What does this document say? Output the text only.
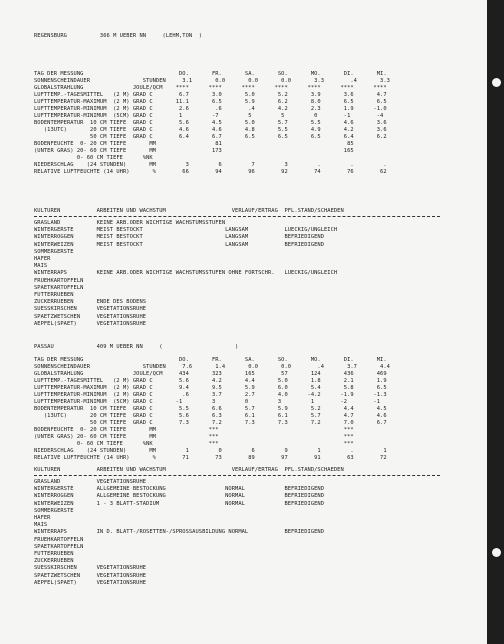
REGENSBURG          366 M UEBER NN     (LEHM,TON  )
TAG DER MESSUNG                             DO.       FR.       SA.       SO.       MO.       DI.       MI.
SONNENSCHEINDAUER                STUNDEN     3.1       0.0       0.0       0.0       3.3        .4       3.3
GLOBALSTRAHLUNG               JOULE/QCM    ****      ****      ****      ****      ****      ****      ****
LUFTTEMP.-TAGESMITTEL   (2 M) GRAD C        6.7       3.0       5.0       5.2       3.9       3.6       4.7
LUFTTEMPERATUR-MAXIMUM  (2 M) GRAD C       11.1       6.5       5.9       6.2       8.0       6.5       6.5
LUFTTEMPERATUR-MINIMUM  (2 M) GRAD C        2.6        .6        .4       4.2       2.3       1.9      -1.0
LUFTTEMPERATUR-MINIMUM  (5CM) GRAD C        1         -7         5         5         0        -1        -4
BODENTEMPERATUR  10 CM TIEFE  GRAD C        5.6       4.5       5.0       5.7       5.5       4.6       3.6
(13UTC)       20 CM TIEFE  GRAD C        4.6       4.6       4.8       5.5       4.9       4.2       3.6
50 CM TIEFE  GRAD C        6.4       6.7       6.5       6.5       6.5       6.4       6.2
BODENFEUCHTE  0- 20 CM TIEFE       MM                  81                                      85
(UNTER GRAS) 20- 60 CM TIEFE       MM                 173                                     165
0- 60 CM TIEFE      %NK
NIEDERSCHLAG    (24 STUNDEN)       MM         3         6         7         3         .         .         .
RELATIVE LUFTFEUCHTE (14 UHR)       %        66        94        96        92        74        76        62
KULTUREN           ARBEITEN UND WACHSTUM                    VERLAUF/ERTRAG  PFL.STAND/SCHAEDEN
GRASLAND           KEINE ARB.ODER WICHTIGE WACHSTUMSSTUFEN
WINTERGERSTE       MEIST BESTOCKT                         LANGSAM           LUECKIG/UNGLEICH
WINTERROGGEN       MEIST BESTOCKT                         LANGSAM           BEFRIEDIGEND
WINTERWEIZEN       MEIST BESTOCKT                         LANGSAM           BEFRIEDIGEND
SOMMERGERSTE
HAFER
MAIS
WINTERRAPS         KEINE ARB.ODER WICHTIGE WACHSTUMSSTUFEN OHNE FORTSCHR.   LUECKIG/UNGLEICH
FRUEHKARTOFFELN
SPAETKARTOFFELN
FUTTERRUEBEN
ZUCKERRUEBEN       ENDE DES BODENS
SUESSKIRSCHEN      VEGETATIONSRUHE
SPAETZWETSCHEN     VEGETATIONSRUHE
AEPFEL(SPAET)      VEGETATIONSRUHE
PASSAU             409 M UEBER NN     (                      )
TAG DER MESSUNG                             DO.       FR.       SA.       SO.       MO.       DI.       MI.
SONNENSCHEINDAUER                STUNDEN     7.6       1.4       0.0       0.0        .4       3.7       4.4
GLOBALSTRAHLUNG               JOULE/QCM     434       323       165        57       124       436       469
LUFTTEMP.-TAGESMITTEL   (2 M) GRAD C        5.6       4.2       4.4       5.0       1.8       2.1       1.9
LUFTTEMPERATUR-MAXIMUM  (2 M) GRAD C        9.4       9.5       5.9       6.0       5.4       5.8       6.5
LUFTTEMPERATUR-MINIMUM  (2 M) GRAD C         .6       3.7       2.7       4.0      -4.2      -1.9      -1.3
LUFTTEMPERATUR-MINIMUM  (5CM) GRAD C       -1         3         0         3         1        -2        -1
BODENTEMPERATUR  10 CM TIEFE  GRAD C        5.5       6.6       5.7       5.9       5.2       4.4       4.5
(13UTC)       20 CM TIEFE  GRAD C        5.6       6.3       6.1       6.1       5.7       4.7       4.6
50 CM TIEFE  GRAD C        7.3       7.2       7.3       7.3       7.2       7.0       6.7
BODENFEUCHTE  0- 20 CM TIEFE       MM                ***                                      ***
(UNTER GRAS) 20- 60 CM TIEFE       MM                ***                                      ***
0- 60 CM TIEFE      %NK                 ***                                      ***
NIEDERSCHLAG    (24 STUNDEN)       MM         1         0         6         9         1         .         1
RELATIVE LUFTFEUCHTE (14 UHR)       %        71        73        89        97        91        63        72
KULTUREN           ARBEITEN UND WACHSTUM                    VERLAUF/ERTRAG  PFL.STAND/SCHAEDEN
GRASLAND           VEGETATIONSRUHE
WINTERGERSTE       ALLGEMEINE BESTOCKUNG                  NORMAL            BEFRIEDIGEND
WINTERROGGEN       ALLGEMEINE BESTOCKUNG                  NORMAL            BEFRIEDIGEND
WINTERWEIZEN       1 - 3 BLATT-STADIUM                    NORMAL            BEFRIEDIGEND
SOMMERGERSTE
HAFER
MAIS
WINTERRAPS         IN D. BLATT-/ROSETTEN-/SPROSSAUSBILDUNG NORMAL           BEFRIEDIGEND
FRUEHKARTOFFELN
SPAETKARTOFFELN
FUTTERRUEBEN
ZUCKERRUEBEN
SUESSKIRSCHEN      VEGETATIONSRUHE
SPAETZWETSCHEN     VEGETATIONSRUHE
AEPFEL(SPAET)      VEGETATIONSRUHE
